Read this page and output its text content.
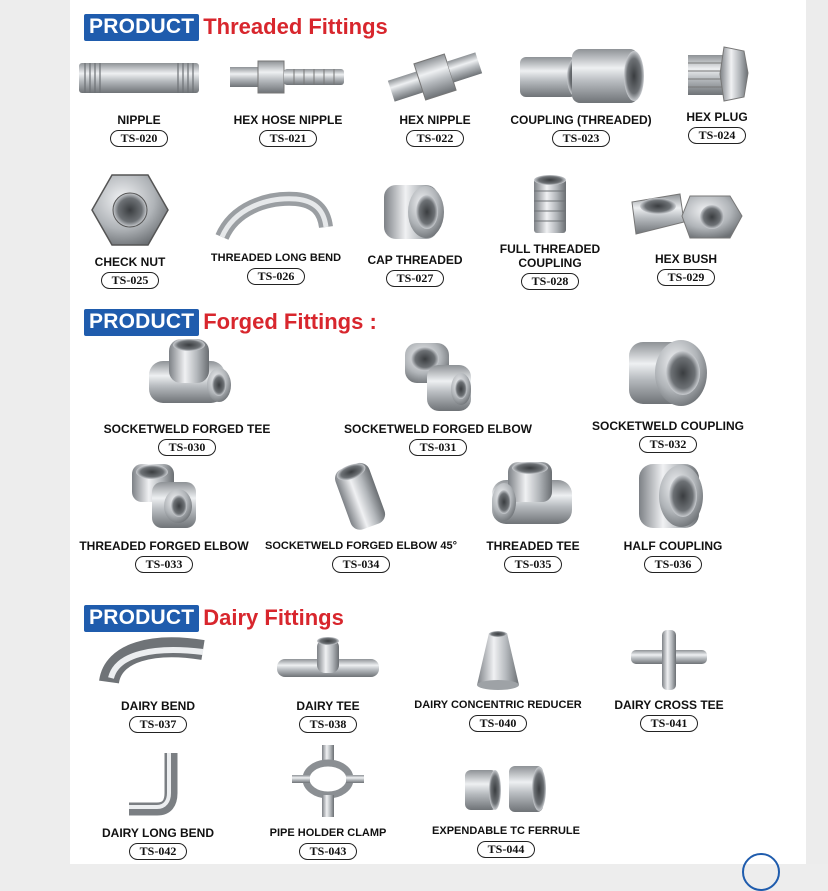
PRODUCT Threaded Fittings
PRODUCT Forged Fittings :
PRODUCT Dairy Fittings
NIPPLE
TS-020
HEX HOSE NIPPLE
TS-021
HEX NIPPLE
TS-022
COUPLING (THREADED)
TS-023
HEX PLUG
TS-024
CHECK NUT
TS-025
THREADED LONG BEND
TS-026
CAP THREADED
TS-027
FULL THREADED COUPLING
TS-028
HEX BUSH
TS-029
SOCKETWELD FORGED TEE
TS-030
SOCKETWELD FORGED ELBOW
TS-031
SOCKETWELD COUPLING
TS-032
THREADED FORGED ELBOW
TS-033
SOCKETWELD FORGED ELBOW 45°
TS-034
THREADED TEE
TS-035
HALF COUPLING
TS-036
DAIRY BEND
TS-037
DAIRY TEE
TS-038
DAIRY CONCENTRIC REDUCER
TS-040
DAIRY CROSS TEE
TS-041
DAIRY LONG BEND
TS-042
PIPE HOLDER CLAMP
TS-043
EXPENDABLE TC FERRULE
TS-044
